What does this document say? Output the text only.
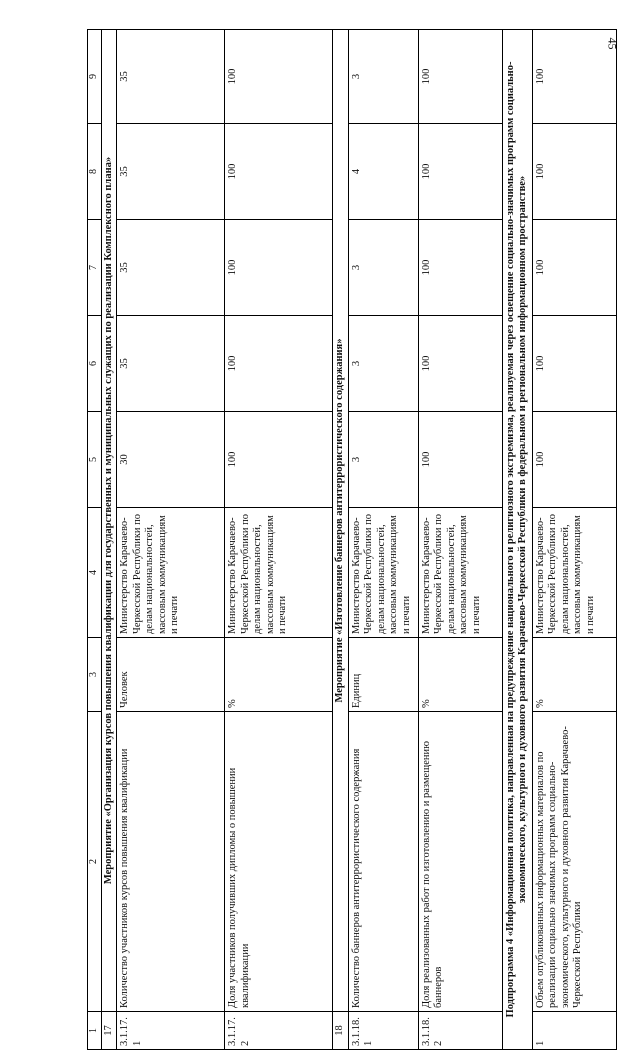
45
1	2	3	4	5	6	7	8	9
17	Мероприятие «Организация курсов повышения квалификации для государственных и муниципальных служащих по реализации Комплексного плана»							
3.1.17.1	Количество участников курсов повышения квалификации	Человек	Министерство Карачаево-Черкесской Республики по делам национальностей, массовым коммуникациям и печати	30	35	35	35	35
3.1.17.2	Доля участников получивших дипломы о повышении квалификации	%	Министерство Карачаево-Черкесской Республики по делам национальностей, массовым коммуникациям и печати	100	100	100	100	100
18	Мероприятие «Изготовление баннеров антитеррористического содержания»							
3.1.18.1	Количество баннеров антитеррористического содержания	Единиц	Министерство Карачаево-Черкесской Республики по делам национальностей, массовым коммуникациям и печати	3	3	3	4	3
3.1.18.2	Доля реализованных работ по изготовлению и размещению баннеров	%	Министерство Карачаево-Черкесской Республики по делам национальностей, массовым коммуникациям и печати	100	100	100	100	100
Подпрограмма 4 «Информационная политика, направленная на предупреждение национального и религиозного экстремизма, реализуемая через освещение социально-значимых программ социально-экономического, культурного и духовного развития Карачаево-Черкесской Республики в федеральном и региональном информационном пространстве»								
1	Объем опубликованных информационных материалов по реализации социально значимых программ социально-экономического, культурного и духовного развития Карачаево-Черкесской Республики	%	Министерство Карачаево-Черкесской Республики по делам национальностей, массовым коммуникациям и печати	100	100	100	100	100
